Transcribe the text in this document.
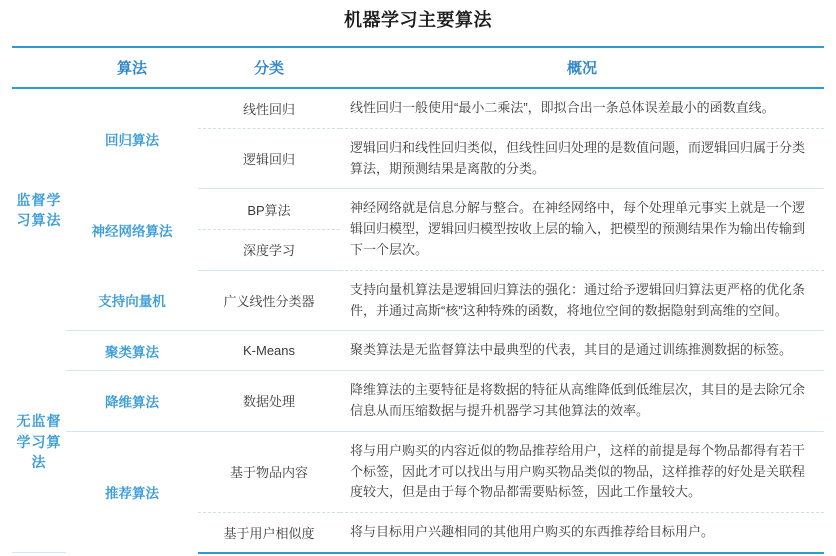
机器学习主要算法
	算法	分类	概况
监督学习算法	回归算法	线性回归	线性回归一般使用“最小二乘法”，即拟合出一条总体误差最小的函数直线。
		逻辑回归	逻辑回归和线性回归类似，但线性回归处理的是数值问题，而逻辑回归属于分类算法，期预测结果是离散的分类。
	神经网络算法	BP算法	神经网络就是信息分解与整合。在神经网络中，每个处理单元事实上就是一个逻辑回归模型，逻辑回归模型按收上层的输入，把模型的预测结果作为输出传输到下一个层次。
		深度学习	
	支持向量机	广义线性分类器	支持向量机算法是逻辑回归算法的强化：通过给予逻辑回归算法更严格的优化条件，并通过高斯“核”这种特殊的函数，将地位空间的数据隐射到高维的空间。
无监督学习算法	聚类算法	K-Means	聚类算法是无监督算法中最典型的代表，其目的是通过训练推测数据的标签。
	降维算法	数据处理	降维算法的主要特征是将数据的特征从高维降低到低维层次，其目的是去除冗余信息从而压缩数据与提升机器学习其他算法的效率。
	推荐算法	基于物品内容	将与用户购买的内容近似的物品推荐给用户，这样的前提是每个物品都得有若干个标签，因此才可以找出与用户购买物品类似的物品，这样推荐的好处是关联程度较大，但是由于每个物品都需要贴标签，因此工作量较大。
		基于用户相似度	将与目标用户兴趣相同的其他用户购买的东西推荐给目标用户。
